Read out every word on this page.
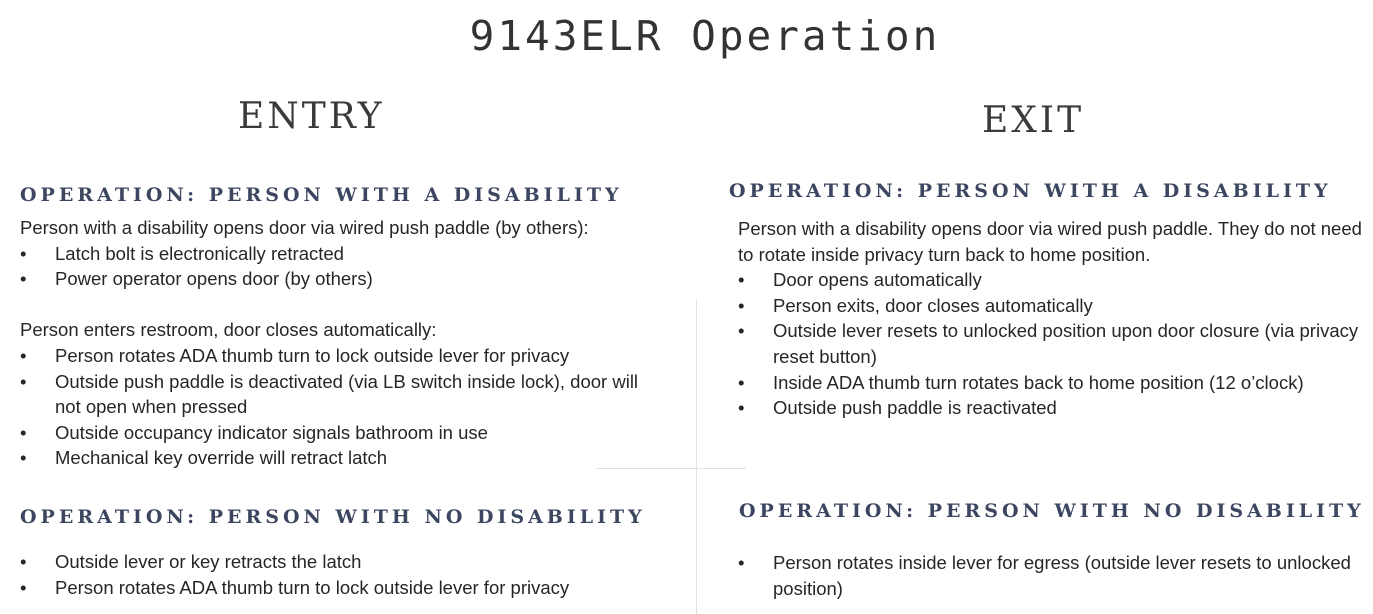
9143ELR Operation
ENTRY
OPERATION: PERSON WITH A DISABILITY

Person with a disability opens door via wired push paddle (by others):

• Latch bolt is electronically retracted
• Power operator opens door (by others)

Person enters restroom, door closes automatically:

• Person rotates ADA thumb turn to lock outside lever for privacy
• Outside push paddle is deactivated (via LB switch inside lock), door will not open when pressed
• Outside occupancy indicator signals bathroom in use
• Mechanical key override will retract latch
OPERATION: PERSON WITH NO DISABILITY
• Outside lever or key retracts the latch
• Person rotates ADA thumb turn to lock outside lever for privacy
EXIT
OPERATION: PERSON WITH A DISABILITY

Person with a disability opens door via wired push paddle. They do not need to rotate inside privacy turn back to home position.

• Door opens automatically
• Person exits, door closes automatically
• Outside lever resets to unlocked position upon door closure (via privacy reset button)
• Inside ADA thumb turn rotates back to home position (12 o’clock)
• Outside push paddle is reactivated
OPERATION: PERSON WITH NO DISABILITY
• Person rotates inside lever for egress (outside lever resets to unlocked position)
